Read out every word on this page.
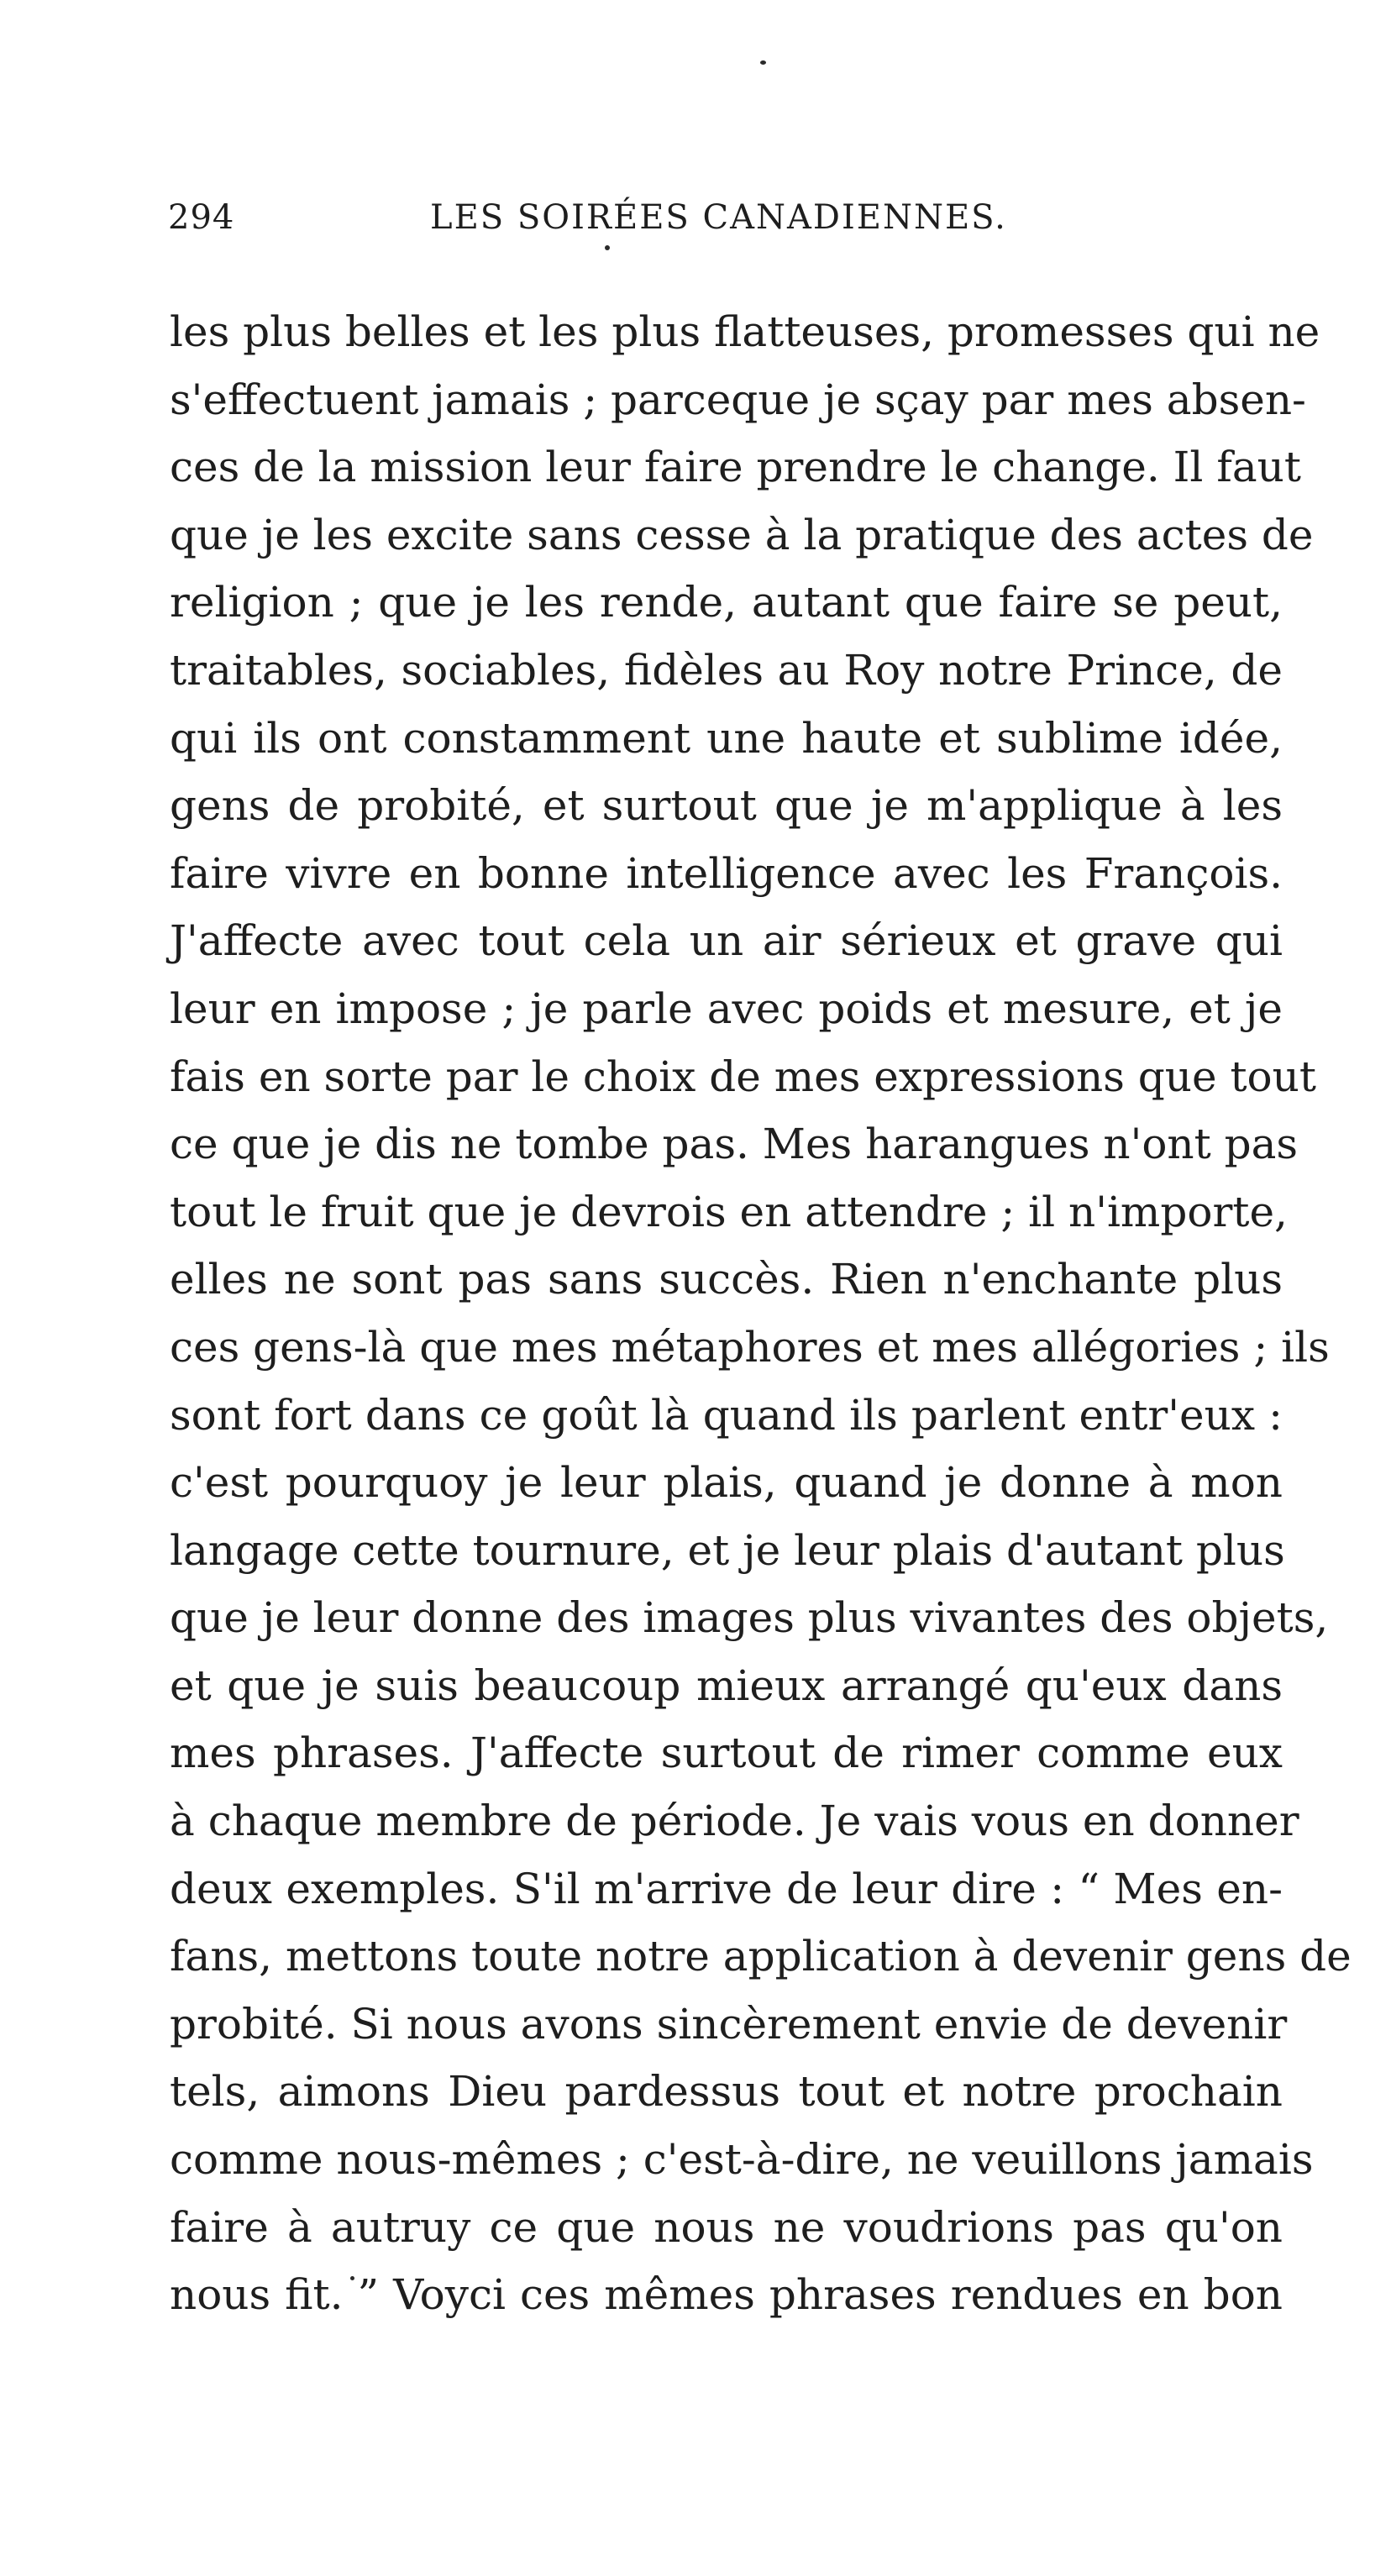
294	LES SOIRÉES CANADIENNES.
les plus belles et les plus flatteuses, promesses qui ne
s'effectuent jamais ; parceque je sçay par mes absen-
ces de la mission leur faire prendre le change. Il faut
que je les excite sans cesse à la pratique des actes de
religion ; que je les rende, autant que faire se peut,
traitables, sociables, fidèles au Roy notre Prince, de
qui ils ont constamment une haute et sublime idée,
gens de probité, et surtout que je m'applique à les
faire vivre en bonne intelligence avec les François.
J'affecte avec tout cela un air sérieux et grave qui
leur en impose ; je parle avec poids et mesure, et je
fais en sorte par le choix de mes expressions que tout
ce que je dis ne tombe pas. Mes harangues n'ont pas
tout le fruit que je devrois en attendre ; il n'importe,
elles ne sont pas sans succès. Rien n'enchante plus
ces gens-là que mes métaphores et mes allégories ; ils
sont fort dans ce goût là quand ils parlent entr'eux :
c'est pourquoy je leur plais, quand je donne à mon
langage cette tournure, et je leur plais d'autant plus
que je leur donne des images plus vivantes des objets,
et que je suis beaucoup mieux arrangé qu'eux dans
mes phrases. J'affecte surtout de rimer comme eux
à chaque membre de période. Je vais vous en donner
deux exemples. S'il m'arrive de leur dire : “ Mes en-
fans, mettons toute notre application à devenir gens de
probité. Si nous avons sincèrement envie de devenir
tels, aimons Dieu pardessus tout et notre prochain
comme nous-mêmes ; c'est-à-dire, ne veuillons jamais
faire à autruy ce que nous ne voudrions pas qu'on
nous fit. ” Voyci ces mêmes phrases rendues en bon
